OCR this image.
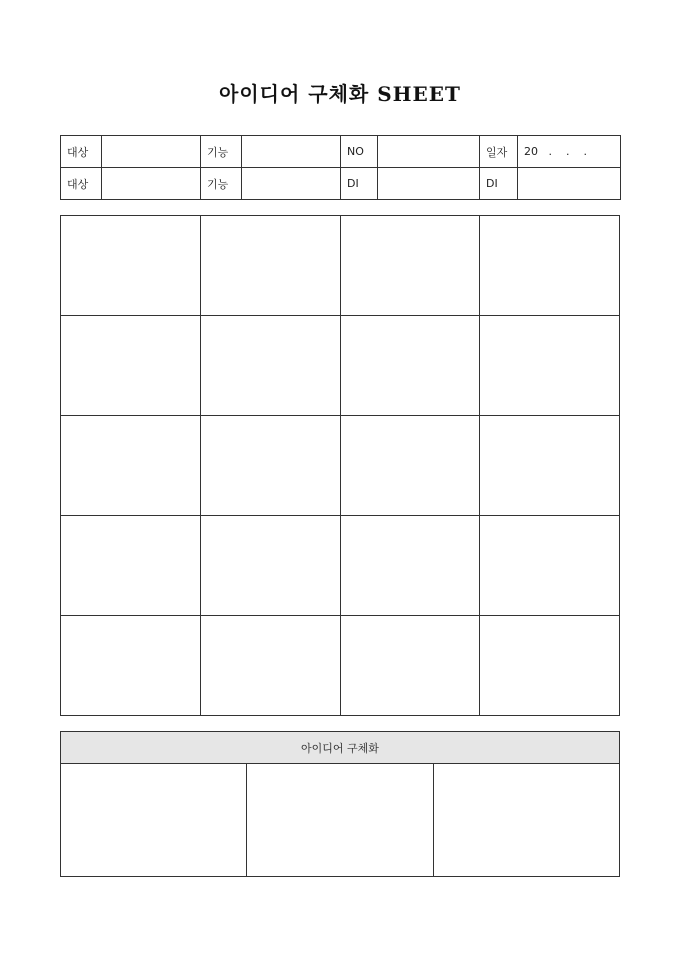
아이디어 구체화 SHEET
대상		기능		NO		일자	20   .    .    .
대상		기능		DI		DI	

아이디어 구체화
